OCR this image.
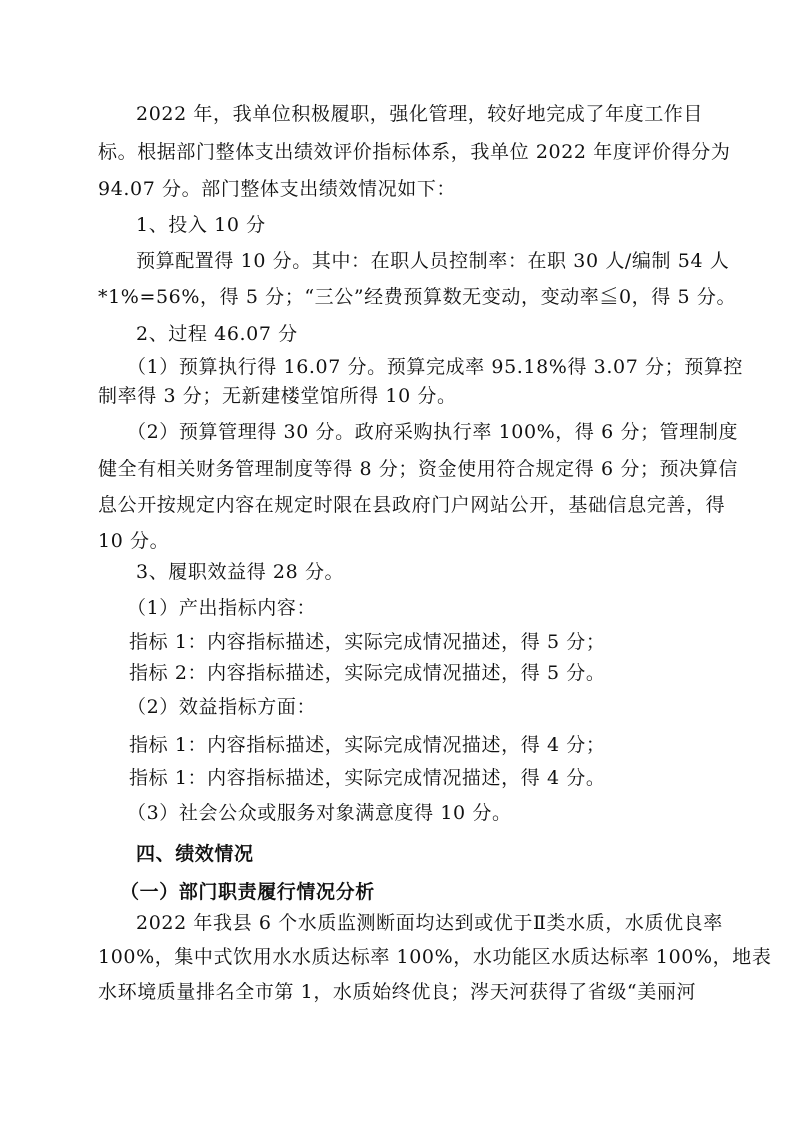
2022 年，我单位积极履职，强化管理，较好地完成了年度工作目
标。根据部门整体支出绩效评价指标体系，我单位 2022 年度评价得分为
94.07 分。部门整体支出绩效情况如下：
1、投入 10 分
预算配置得 10 分。其中：在职人员控制率：在职 30 人/编制 54 人
*1%=56%，得 5 分；“三公”经费预算数无变动，变动率≦0，得 5 分。
2、过程 46.07 分
（1）预算执行得 16.07 分。预算完成率 95.18%得 3.07 分；预算控
制率得 3 分；无新建楼堂馆所得 10 分。
（2）预算管理得 30 分。政府采购执行率 100%，得 6 分；管理制度
健全有相关财务管理制度等得 8 分；资金使用符合规定得 6 分；预决算信
息公开按规定内容在规定时限在县政府门户网站公开，基础信息完善，得
10 分。
3、履职效益得 28 分。
（1）产出指标内容：
指标 1：内容指标描述，实际完成情况描述，得 5 分；
指标 2：内容指标描述，实际完成情况描述，得 5 分。
（2）效益指标方面：
指标 1：内容指标描述，实际完成情况描述，得 4 分；
指标 1：内容指标描述，实际完成情况描述，得 4 分。
（3）社会公众或服务对象满意度得 10 分。
四、绩效情况
（一）部门职责履行情况分析
2022 年我县 6 个水质监测断面均达到或优于Ⅱ类水质，水质优良率
100%，集中式饮用水水质达标率 100%，水功能区水质达标率 100%，地表
水环境质量排名全市第 1，水质始终优良；涔天河获得了省级“美丽河
